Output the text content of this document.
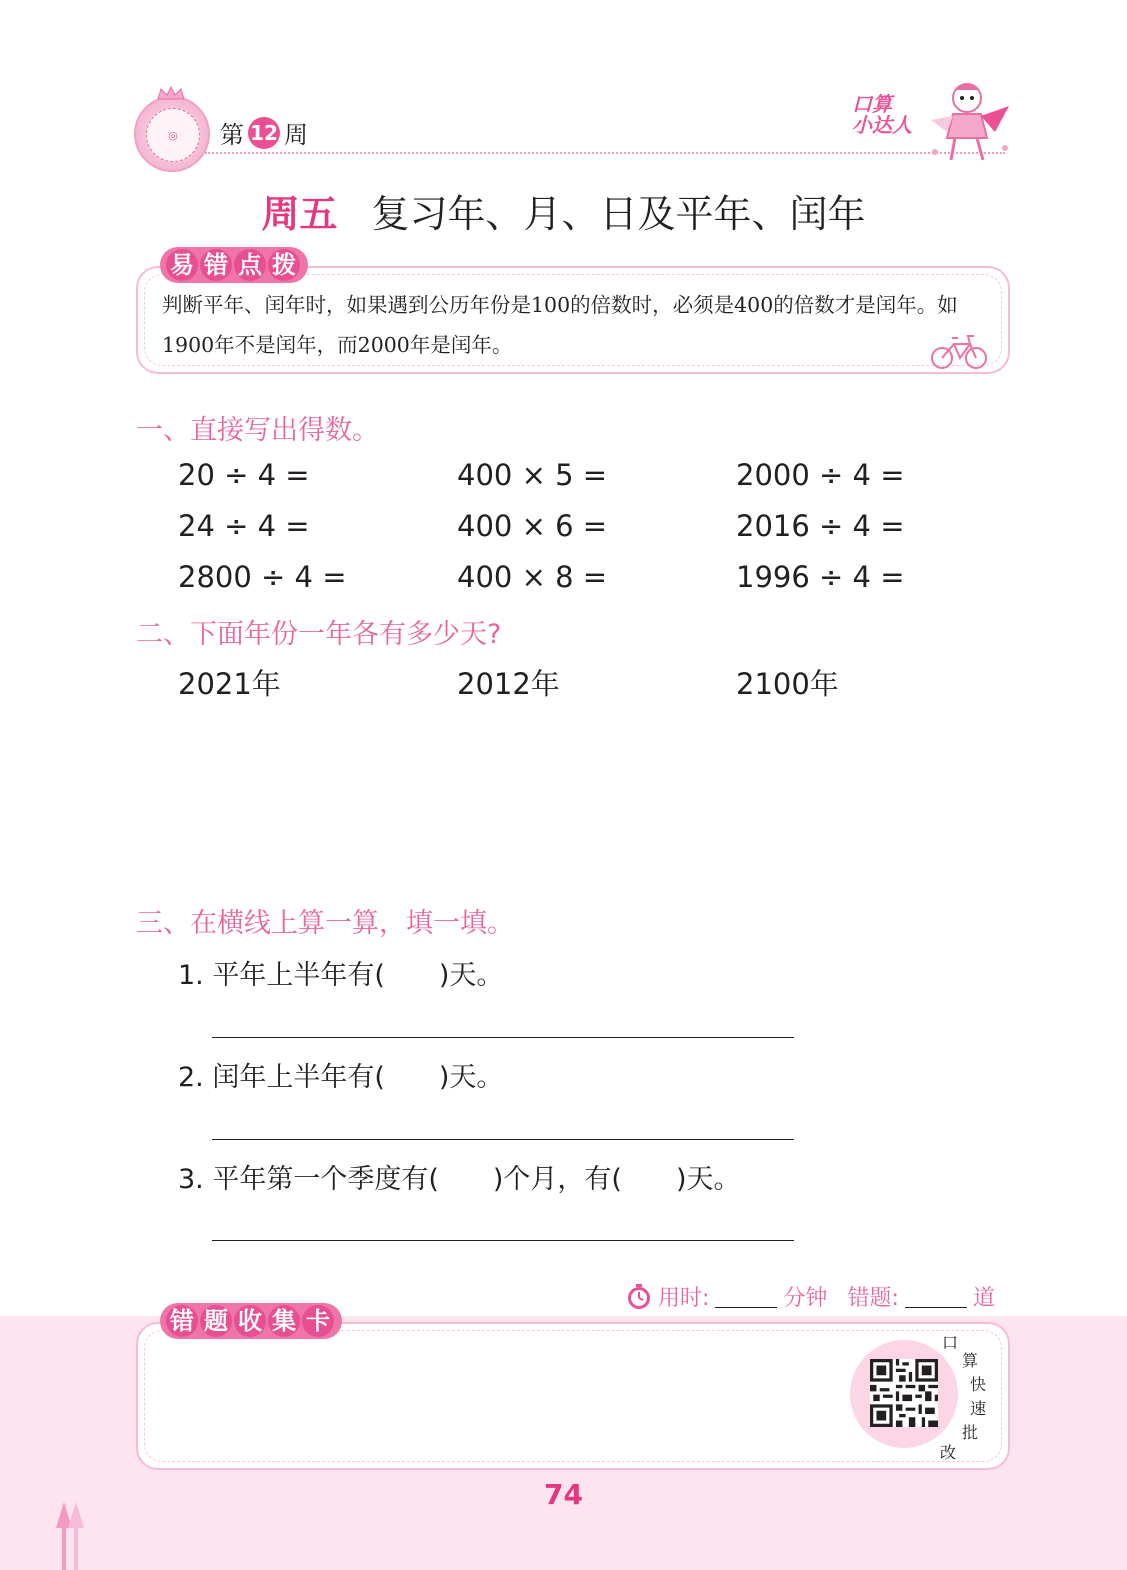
◎	第 12 周
口算
小达人
周五 复习年、月、日及平年、闰年
易 错 点 拨
判断平年、闰年时，如果遇到公历年份是100的倍数时，必须是400的倍数才是闰年。如1900年不是闰年，而2000年是闰年。
一、直接写出得数。
20 ÷ 4 =	400 × 5 =	2000 ÷ 4 =
24 ÷ 4 =	400 × 6 =	2016 ÷ 4 =
2800 ÷ 4 =	400 × 8 =	1996 ÷ 4 =
二、下面年份一年各有多少天?
2021年	2012年	2100年
三、在横线上算一算，填一填。
1. 平年上半年有(　　)天。
2. 闰年上半年有(　　)天。
3. 平年第一个季度有(　　)个月，有(　　)天。
用时:	分钟 错题:	道
错 题 收 集 卡
口
算
快
速
批
改
74
